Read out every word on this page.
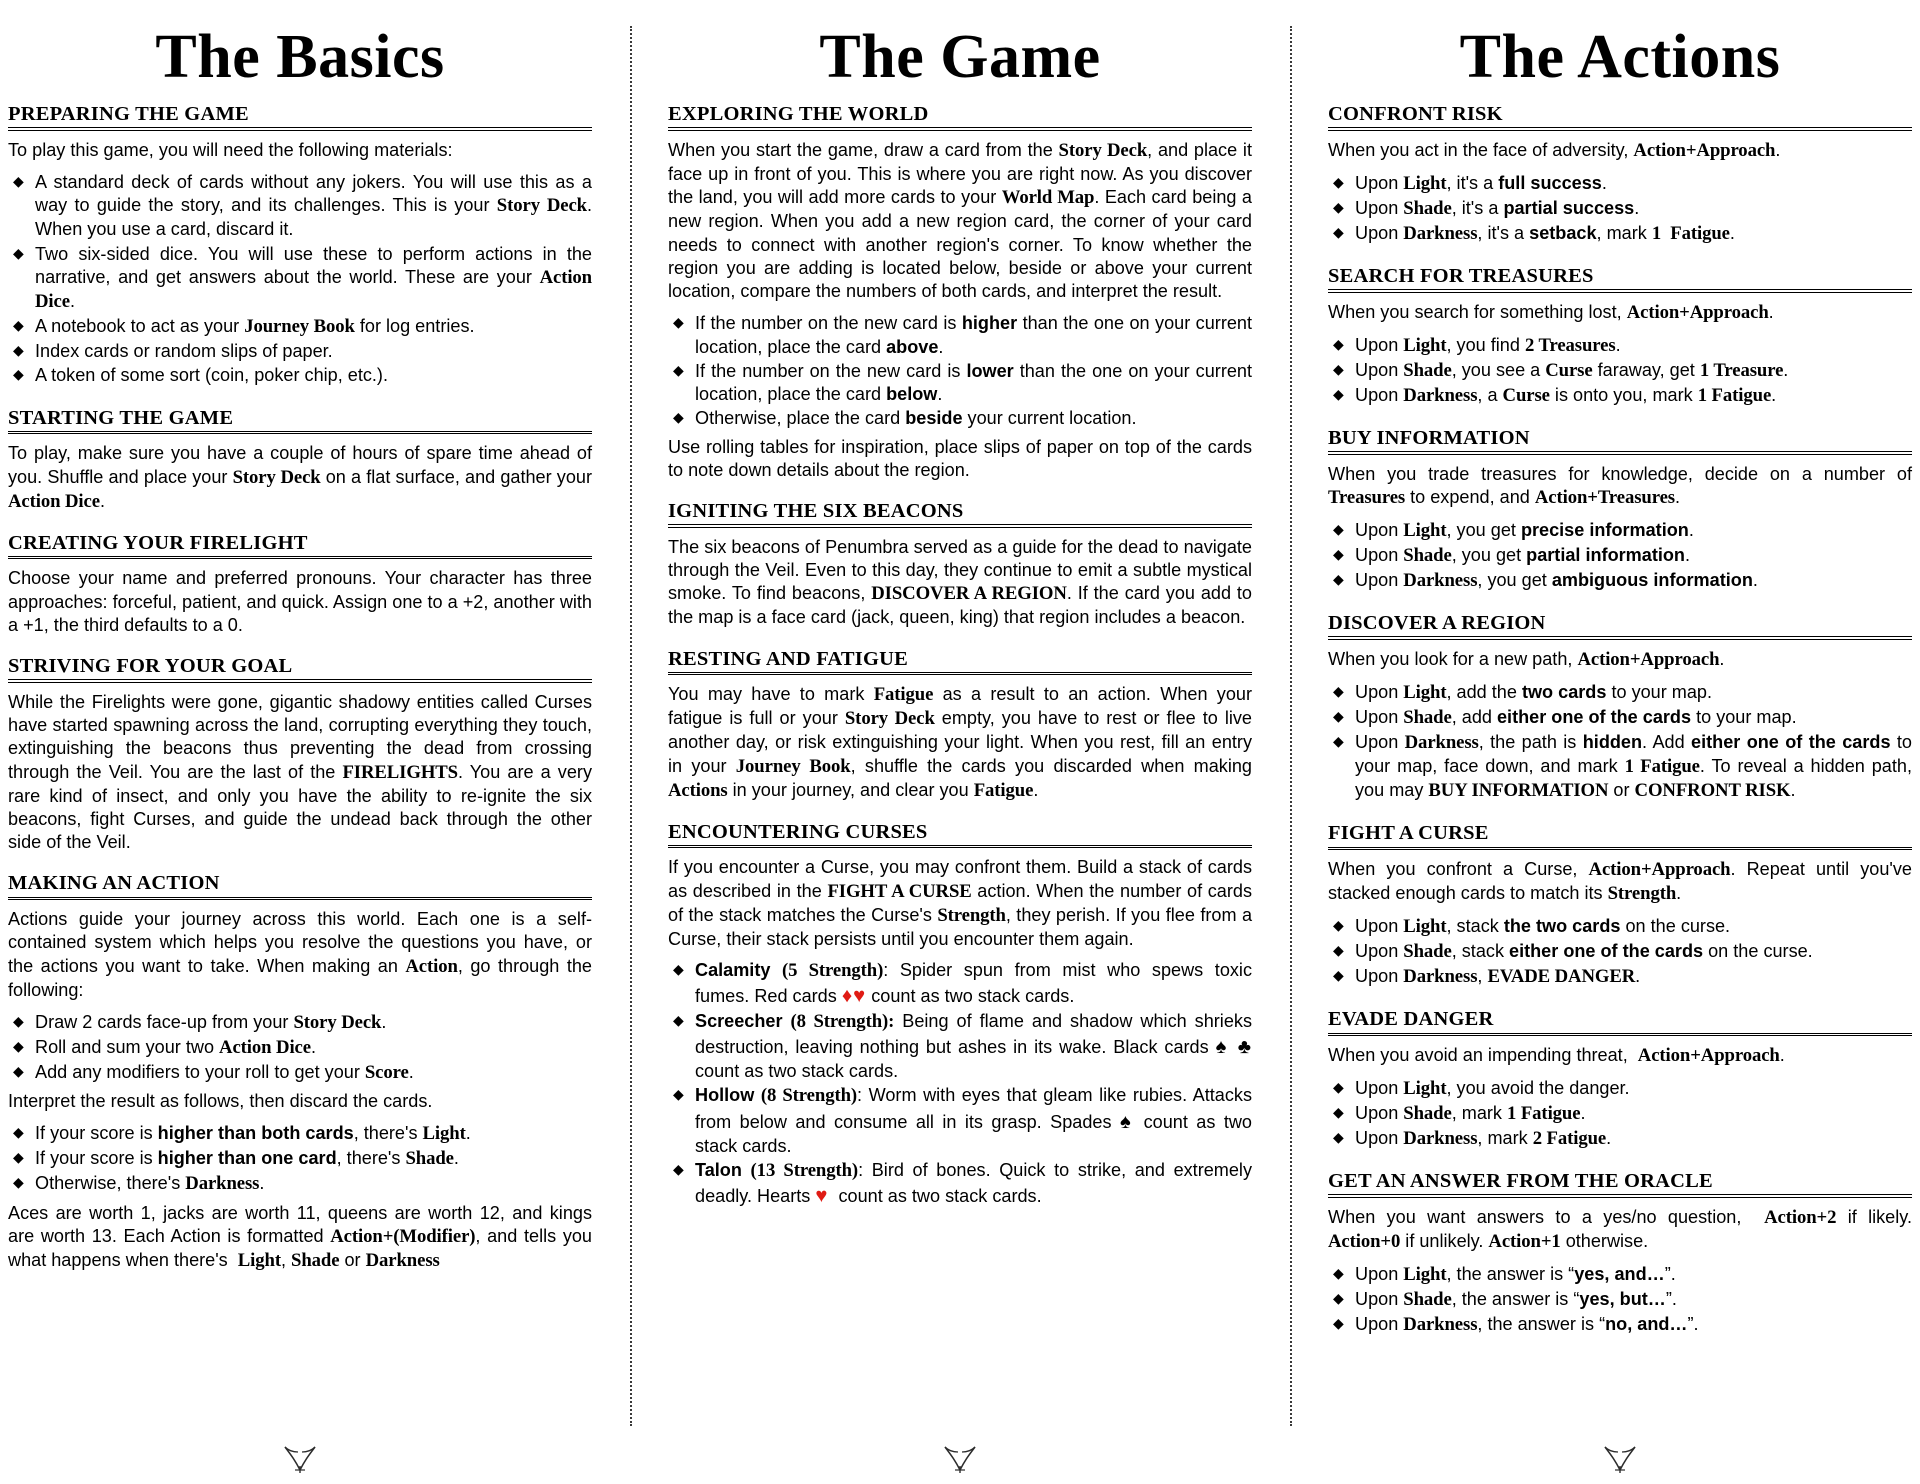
The Basics
PREPARING THE GAME

To play this game, you will need the following materials:

◆ A standard deck of cards without any jokers. You will use this as a way to guide the story, and its challenges. This is your Story Deck. When you use a card, discard it.
◆ Two six-sided dice. You will use these to perform actions in the narrative, and get answers about the world. These are your Action Dice.
◆ A notebook to act as your Journey Book for log entries.
◆ Index cards or random slips of paper.
◆ A token of some sort (coin, poker chip, etc.).
STARTING THE GAME

To play, make sure you have a couple of hours of spare time ahead of you. Shuffle and place your Story Deck on a flat surface, and gather your Action Dice.

CREATING YOUR FIRELIGHT

Choose your name and preferred pronouns. Your character has three approaches: forceful, patient, and quick. Assign one to a +2, another with a +1, the third defaults to a 0.

STRIVING FOR YOUR GOAL

While the Firelights were gone, gigantic shadowy entities called Curses have started spawning across the land, corrupting everything they touch, extinguishing the beacons thus preventing the dead from crossing through the Veil. You are the last of the FIRELIGHTS. You are a very rare kind of insect, and only you have the ability to re-ignite the six beacons, fight Curses, and guide the undead back through the other side of the Veil.

MAKING AN ACTION

Actions guide your journey across this world. Each one is a self-contained system which helps you resolve the questions you have, or the actions you want to take. When making an Action, go through the following:

◆ Draw 2 cards face-up from your Story Deck.
◆ Roll and sum your two Action Dice.
◆ Add any modifiers to your roll to get your Score.

Interpret the result as follows, then discard the cards.

◆ If your score is higher than both cards, there's Light.
◆ If your score is higher than one card, there's Shade.
◆ Otherwise, there's Darkness.

Aces are worth 1, jacks are worth 11, queens are worth 12, and kings are worth 13. Each Action is formatted Action+(Modifier), and tells you what happens when there's  Light, Shade or Darkness

The Game
EXPLORING THE WORLD

When you start the game, draw a card from the Story Deck, and place it face up in front of you. This is where you are right now. As you discover the land, you will add more cards to your World Map. Each card being a new region. When you add a new region card, the corner of your card needs to connect with another region's corner. To know whether the region you are adding is located below, beside or above your current location, compare the numbers of both cards, and interpret the result.

◆ If the number on the new card is higher than the one on your current location, place the card above.
◆ If the number on the new card is lower than the one on your current location, place the card below.
◆ Otherwise, place the card beside your current location.

Use rolling tables for inspiration, place slips of paper on top of the cards to note down details about the region.

IGNITING THE SIX BEACONS

The six beacons of Penumbra served as a guide for the dead to navigate through the Veil. Even to this day, they continue to emit a subtle mystical smoke. To find beacons, DISCOVER A REGION. If the card you add to the map is a face card (jack, queen, king) that region includes a beacon.

RESTING AND FATIGUE

You may have to mark Fatigue as a result to an action. When your fatigue is full or your Story Deck empty, you have to rest or flee to live another day, or risk extinguishing your light. When you rest, fill an entry in your Journey Book, shuffle the cards you discarded when making Actions in your journey, and clear you Fatigue.

ENCOUNTERING CURSES

If you encounter a Curse, you may confront them. Build a stack of cards as described in the FIGHT A CURSE action. When the number of cards of the stack matches the Curse's Strength, they perish. If you flee from a Curse, their stack persists until you encounter them again.

◆ Calamity (5 Strength): Spider spun from mist who spews toxic fumes. Red cards ♦♥ count as two stack cards.
◆ Screecher (8 Strength): Being of flame and shadow which shrieks destruction, leaving nothing but ashes in its wake. Black cards ♠ ♣ count as two stack cards.
◆ Hollow (8 Strength): Worm with eyes that gleam like rubies. Attacks from below and consume all in its grasp. Spades ♠ count as two stack cards.
◆ Talon (13 Strength): Bird of bones. Quick to strike, and extremely deadly. Hearts ♥  count as two stack cards.
The Actions
CONFRONT RISK

When you act in the face of adversity, Action+Approach.

◆ Upon Light, it's a full success.
◆ Upon Shade, it's a partial success.
◆ Upon Darkness, it's a setback, mark 1  Fatigue.
SEARCH FOR TREASURES

When you search for something lost, Action+Approach.

◆ Upon Light, you find 2 Treasures.
◆ Upon Shade, you see a Curse faraway, get 1 Treasure.
◆ Upon Darkness, a Curse is onto you, mark 1 Fatigue.
BUY INFORMATION

When you trade treasures for knowledge, decide on a number of Treasures to expend, and Action+Treasures.

◆ Upon Light, you get precise information.
◆ Upon Shade, you get partial information.
◆ Upon Darkness, you get ambiguous information.
DISCOVER A REGION

When you look for a new path, Action+Approach.

◆ Upon Light, add the two cards to your map.
◆ Upon Shade, add either one of the cards to your map.
◆ Upon Darkness, the path is hidden. Add either one of the cards to your map, face down, and mark 1 Fatigue. To reveal a hidden path, you may BUY INFORMATION or CONFRONT RISK.
FIGHT A CURSE

When you confront a Curse, Action+Approach. Repeat until you've stacked enough cards to match its Strength.

◆ Upon Light, stack the two cards on the curse.
◆ Upon Shade, stack either one of the cards on the curse.
◆ Upon Darkness, EVADE DANGER.
EVADE DANGER

When you avoid an impending threat,  Action+Approach.

◆ Upon Light, you avoid the danger.
◆ Upon Shade, mark 1 Fatigue.
◆ Upon Darkness, mark 2 Fatigue.
GET AN ANSWER FROM THE ORACLE

When you want answers to a yes/no question,  Action+2 if likely. Action+0 if unlikely. Action+1 otherwise.

◆ Upon Light, the answer is “yes, and…”.
◆ Upon Shade, the answer is “yes, but…”.
◆ Upon Darkness, the answer is “no, and…”.
